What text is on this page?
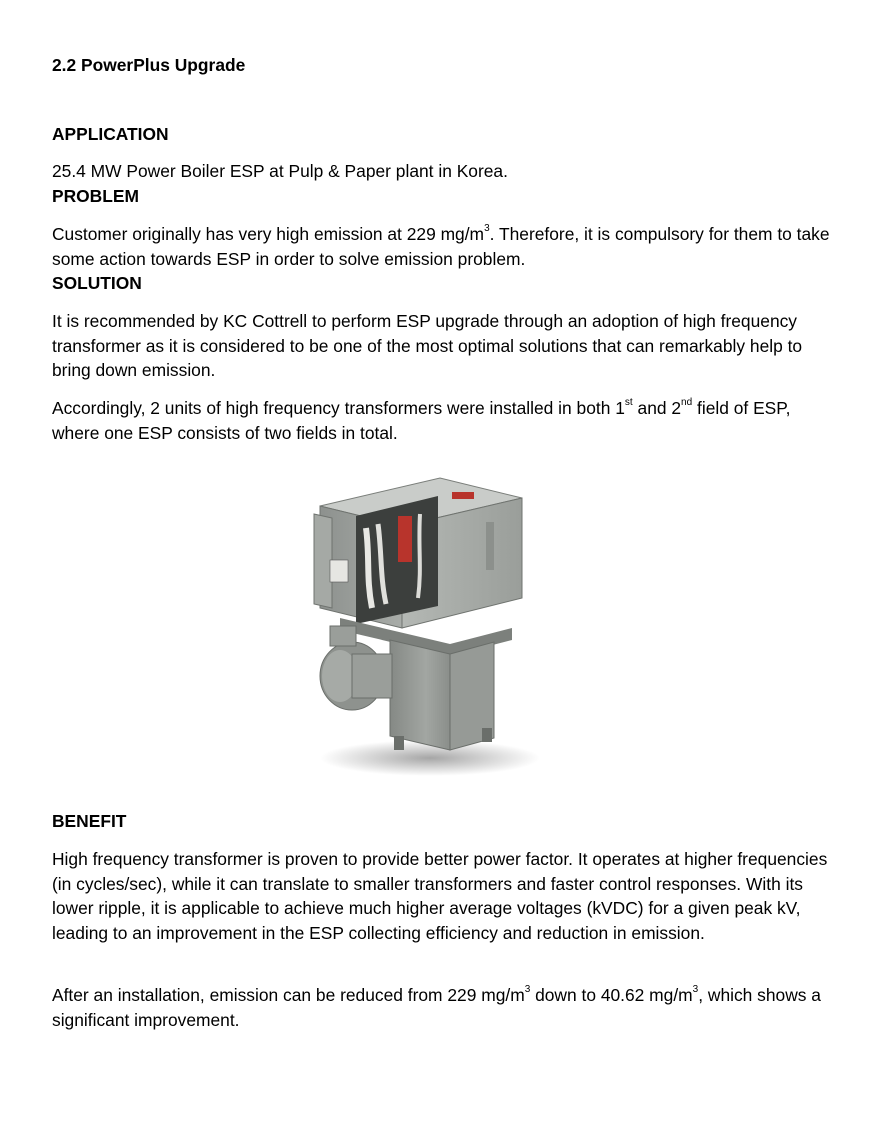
2.2 PowerPlus Upgrade

APPLICATION

25.4 MW Power Boiler ESP at Pulp & Paper plant in Korea.

PROBLEM

Customer originally has very high emission at 229 $mg/m^3$. Therefore, it is compulsory for them to take some action towards ESP in order to solve emission problem.

SOLUTION

It is recommended by KC Cottrell to perform ESP upgrade through an adoption of high frequency transformer as it is considered to be one of the most optimal solutions that can remarkably help to bring down emission.

Accordingly, 2 units of high frequency transformers were installed in both 1st and 2nd field of ESP, where one ESP consists of two fields in total.

BENEFIT

High frequency transformer is proven to provide better power factor. It operates at higher frequencies (in cycles/sec), while it can translate to smaller transformers and faster control responses. With its lower ripple, it is applicable to achieve much higher average voltages (kVDC) for a given peak kV, leading to an improvement in the ESP collecting efficiency and reduction in emission.

After an installation, emission can be reduced from 229 $mg/m^3$ down to 40.62 $mg/m^3$, which shows a significant improvement.
